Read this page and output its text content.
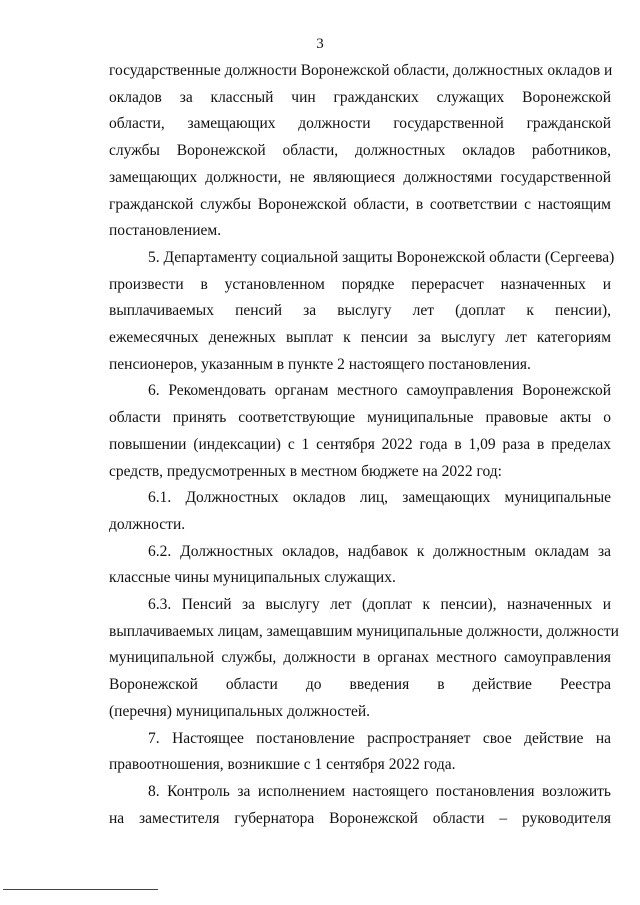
3
государственные должности Воронежской области, должностных окладов и
окладов за классный чин гражданских служащих Воронежской
области, замещающих должности государственной гражданской
службы Воронежской области, должностных окладов работников,
замещающих должности, не являющиеся должностями государственной
гражданской службы Воронежской области, в соответствии с настоящим
постановлением.
5. Департаменту социальной защиты Воронежской области (Сергеева)
произвести в установленном порядке перерасчет назначенных и
выплачиваемых пенсий за выслугу лет (доплат к пенсии),
ежемесячных денежных выплат к пенсии за выслугу лет категориям
пенсионеров, указанным в пункте 2 настоящего постановления.
6. Рекомендовать органам местного самоуправления Воронежской
области принять соответствующие муниципальные правовые акты о
повышении (индексации) с 1 сентября 2022 года в 1,09 раза в пределах
средств, предусмотренных в местном бюджете на 2022 год:
6.1. Должностных окладов лиц, замещающих муниципальные
должности.
6.2. Должностных окладов, надбавок к должностным окладам за
классные чины муниципальных служащих.
6.3. Пенсий за выслугу лет (доплат к пенсии), назначенных и
выплачиваемых лицам, замещавшим муниципальные должности, должности
муниципальной службы, должности в органах местного самоуправления
Воронежской области до введения в действие Реестра
(перечня) муниципальных должностей.
7. Настоящее постановление распространяет свое действие на
правоотношения, возникшие с 1 сентября 2022 года.
8. Контроль за исполнением настоящего постановления возложить
на заместителя губернатора Воронежской области – руководителя
